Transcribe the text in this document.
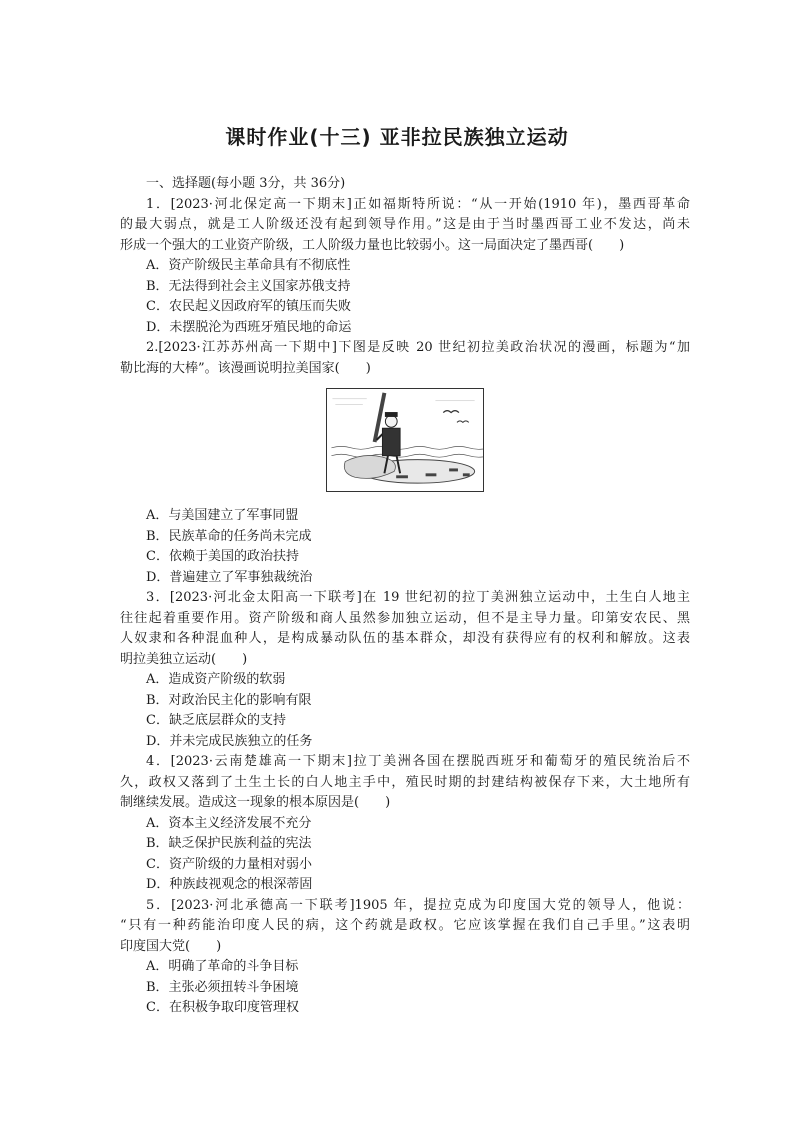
课时作业(十三) 亚非拉民族独立运动
一、选择题(每小题 3分，共 36分)
1．[2023·河北保定高一下期末]正如福斯特所说：“从一开始(1910 年)，墨西哥革命
的最大弱点，就是工人阶级还没有起到领导作用。”这是由于当时墨西哥工业不发达，尚未
形成一个强大的工业资产阶级，工人阶级力量也比较弱小。这一局面决定了墨西哥(　　)
A．资产阶级民主革命具有不彻底性
B．无法得到社会主义国家苏俄支持
C．农民起义因政府军的镇压而失败
D．未摆脱沦为西班牙殖民地的命运
2.[2023·江苏苏州高一下期中]下图是反映 20 世纪初拉美政治状况的漫画，标题为“加
勒比海的大棒”。该漫画说明拉美国家(　　)
A．与美国建立了军事同盟
B．民族革命的任务尚未完成
C．依赖于美国的政治扶持
D．普遍建立了军事独裁统治
3．[2023·河北金太阳高一下联考]在 19 世纪初的拉丁美洲独立运动中，土生白人地主
往往起着重要作用。资产阶级和商人虽然参加独立运动，但不是主导力量。印第安农民、黑
人奴隶和各种混血种人，是构成暴动队伍的基本群众，却没有获得应有的权利和解放。这表
明拉美独立运动(　　)
A．造成资产阶级的软弱
B．对政治民主化的影响有限
C．缺乏底层群众的支持
D．并未完成民族独立的任务
4．[2023·云南楚雄高一下期末]拉丁美洲各国在摆脱西班牙和葡萄牙的殖民统治后不
久，政权又落到了土生土长的白人地主手中，殖民时期的封建结构被保存下来，大土地所有
制继续发展。造成这一现象的根本原因是(　　)
A．资本主义经济发展不充分
B．缺乏保护民族利益的宪法
C．资产阶级的力量相对弱小
D．种族歧视观念的根深蒂固
5．[2023·河北承德高一下联考]1905 年，提拉克成为印度国大党的领导人，他说：
“只有一种药能治印度人民的病，这个药就是政权。它应该掌握在我们自己手里。”这表明
印度国大党(　　)
A．明确了革命的斗争目标
B．主张必须扭转斗争困境
C．在积极争取印度管理权
